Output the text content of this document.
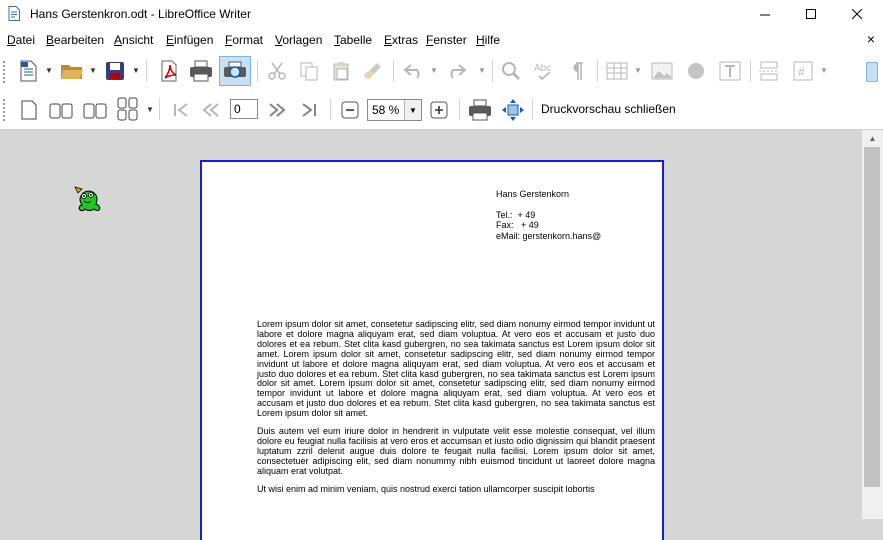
Hans Gerstenkron.odt - LibreOffice Writer
Datei Bearbeiten Ansicht Einfügen Format Vorlagen Tabelle Extras Fenster Hilfe	×
▼	▼	▼	▼	▼	Abc	▼	# ▼
▼	0	58 %	▼	Druckvorschau schließen
Hans Gerstenkorn
Tel.:  + 49
Fax:   + 49
eMail: gerstenkorn.hans@

Lorem ipsum dolor sit amet, consetetur sadipscing elitr, sed diam nonumy eirmod tempor invidunt ut labore et dolore magna aliquyam erat, sed diam voluptua. At vero eos et accusam et justo duo dolores et ea rebum. Stet clita kasd gubergren, no sea takimata sanctus est Lorem ipsum dolor sit amet. Lorem ipsum dolor sit amet, consetetur sadipscing elitr, sed diam nonumy eirmod tempor invidunt ut labore et dolore magna aliquyam erat, sed diam voluptua. At vero eos et accusam et justo duo dolores et ea rebum. Stet clita kasd gubergren, no sea takimata sanctus est Lorem ipsum dolor sit amet. Lorem ipsum dolor sit amet, consetetur sadipscing elitr, sed diam nonumy eirmod tempor invidunt ut labore et dolore magna aliquyam erat, sed diam voluptua. At vero eos et accusam et justo duo dolores et ea rebum. Stet clita kasd gubergren, no sea takimata sanctus est Lorem ipsum dolor sit amet.

Duis autem vel eum iriure dolor in hendrerit in vulputate velit esse molestie consequat, vel illum dolore eu feugiat nulla facilisis at vero eros et accumsan et iusto odio dignissim qui blandit praesent luptatum zzril delenit augue duis dolore te feugait nulla facilisi. Lorem ipsum dolor sit amet, consectetuer adipiscing elit, sed diam nonummy nibh euismod tincidunt ut laoreet dolore magna aliquam erat volutpat.

Ut wisi enim ad minim veniam, quis nostrud exerci tation ullamcorper suscipit lobortis

▲
